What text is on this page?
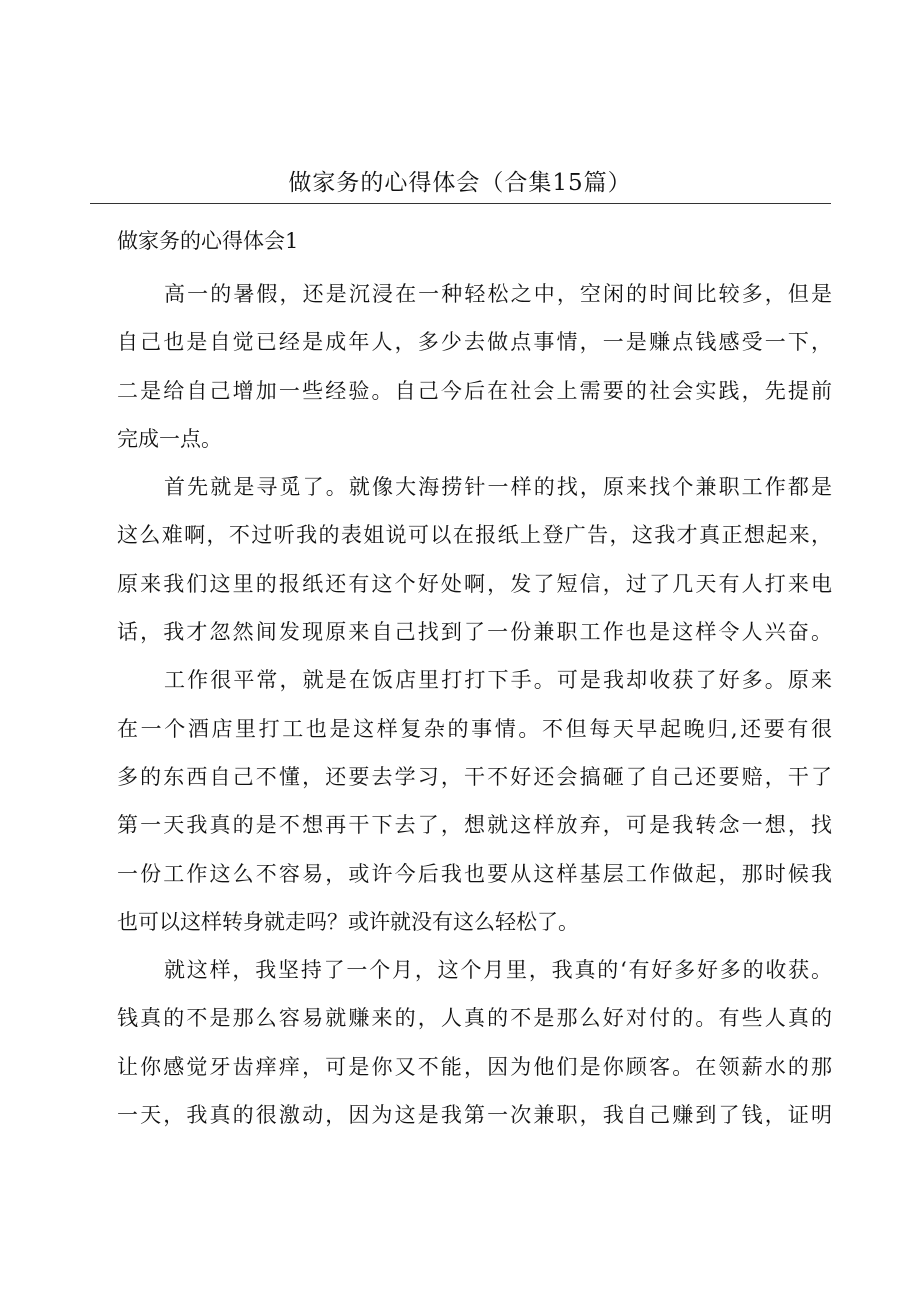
做家务的心得体会（合集15篇）
做家务的心得体会1
高一的暑假，还是沉浸在一种轻松之中，空闲的时间比较多，但是
自己也是自觉已经是成年人，多少去做点事情，一是赚点钱感受一下，
二是给自己增加一些经验。自己今后在社会上需要的社会实践，先提前
完成一点。
首先就是寻觅了。就像大海捞针一样的找，原来找个兼职工作都是
这么难啊，不过听我的表姐说可以在报纸上登广告，这我才真正想起来，
原来我们这里的报纸还有这个好处啊，发了短信，过了几天有人打来电
话，我才忽然间发现原来自己找到了一份兼职工作也是这样令人兴奋。
工作很平常，就是在饭店里打打下手。可是我却收获了好多。原来
在一个酒店里打工也是这样复杂的事情。不但每天早起晚归,还要有很
多的东西自己不懂，还要去学习，干不好还会搞砸了自己还要赔，干了
第一天我真的是不想再干下去了，想就这样放弃，可是我转念一想，找
一份工作这么不容易，或许今后我也要从这样基层工作做起，那时候我
也可以这样转身就走吗？或许就没有这么轻松了。
就这样，我坚持了一个月，这个月里，我真的‘有好多好多的收获。
钱真的不是那么容易就赚来的，人真的不是那么好对付的。有些人真的
让你感觉牙齿痒痒，可是你又不能，因为他们是你顾客。在领薪水的那
一天，我真的很激动，因为这是我第一次兼职，我自己赚到了钱，证明
